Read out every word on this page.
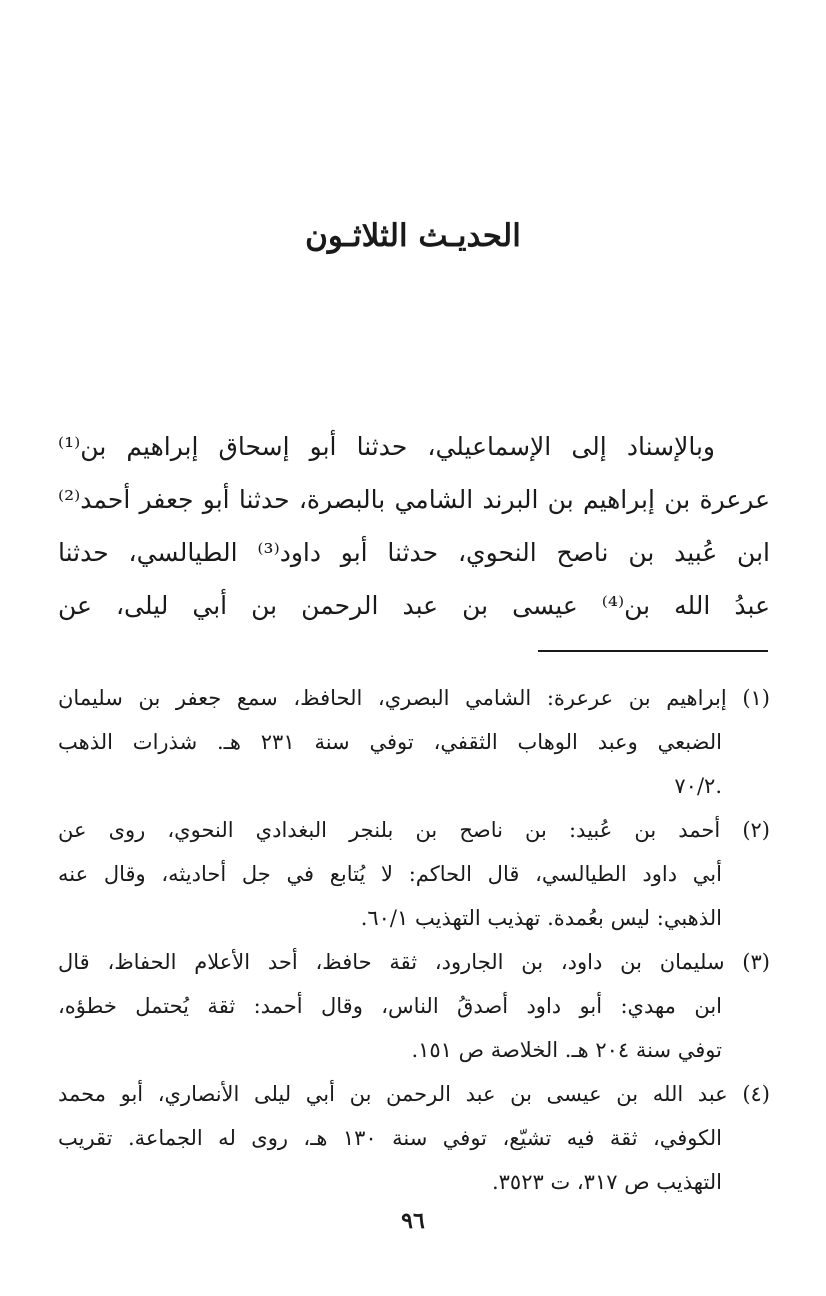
الحديـث الثلاثـون
وبالإسناد إلى الإسماعيلي، حدثنا أبو إسحاق إبراهيم بن⁽¹⁾
عرعرة بن إبراهيم بن البرند الشامي بالبصرة، حدثنا أبو جعفر أحمد⁽²⁾
ابن عُبيد بن ناصح النحوي، حدثنا أبو داود⁽³⁾ الطيالسي، حدثنا
عبدُ الله بن⁽⁴⁾ عيسى بن عبد الرحمن بن أبي ليلى، عن
(١) إبراهيم بن عرعرة: الشامي البصري، الحافظ، سمع جعفر بن سليمان
الضبعي وعبد الوهاب الثقفي، توفي سنة ٢٣١ هـ. شذرات الذهب
.٧٠/٢
(٢) أحمد بن عُبيد: بن ناصح بن بلنجر البغدادي النحوي، روى عن
أبي داود الطيالسي، قال الحاكم: لا يُتابع في جل أحاديثه، وقال عنه
الذهبي: ليس بعُمدة. تهذيب التهذيب ٦٠/١.
(٣) سليمان بن داود، بن الجارود، ثقة حافظ، أحد الأعلام الحفاظ، قال
ابن مهدي: أبو داود أصدقُ الناس، وقال أحمد: ثقة يُحتمل خطؤه،
توفي سنة ٢٠٤ هـ. الخلاصة ص ١٥١.
(٤) عبد الله بن عيسى بن عبد الرحمن بن أبي ليلى الأنصاري، أبو محمد
الكوفي، ثقة فيه تشيّع، توفي سنة ١٣٠ هـ، روى له الجماعة. تقريب
التهذيب ص ٣١٧، ت ٣٥٢٣.
٩٦
